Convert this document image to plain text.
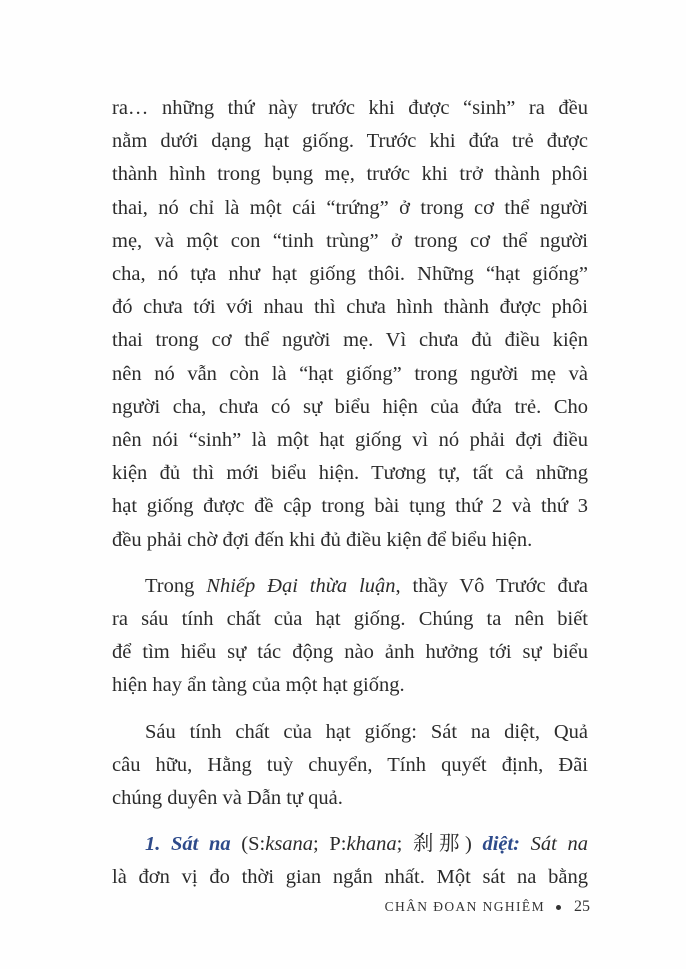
ra… những thứ này trước khi được “sinh” ra đều
nằm dưới dạng hạt giống. Trước khi đứa trẻ được
thành hình trong bụng mẹ, trước khi trở thành phôi
thai, nó chỉ là một cái “trứng” ở trong cơ thể người
mẹ, và một con “tinh trùng” ở trong cơ thể người
cha, nó tựa như hạt giống thôi. Những “hạt giống”
đó chưa tới với nhau thì chưa hình thành được phôi
thai trong cơ thể người mẹ. Vì chưa đủ điều kiện
nên nó vẫn còn là “hạt giống” trong người mẹ và
người cha, chưa có sự biểu hiện của đứa trẻ. Cho
nên nói “sinh” là một hạt giống vì nó phải đợi điều
kiện đủ thì mới biểu hiện. Tương tự, tất cả những
hạt giống được đề cập trong bài tụng thứ 2 và thứ 3
đều phải chờ đợi đến khi đủ điều kiện để biểu hiện.
Trong Nhiếp Đại thừa luận, thầy Vô Trước đưa
ra sáu tính chất của hạt giống. Chúng ta nên biết
để tìm hiểu sự tác động nào ảnh hưởng tới sự biểu
hiện hay ẩn tàng của một hạt giống.
Sáu tính chất của hạt giống: Sát na diệt, Quả
câu hữu, Hằng tuỳ chuyển, Tính quyết định, Đãi
chúng duyên và Dẫn tự quả.
1. Sát na (S:ksana; P:khana; 刹那) diệt: Sát na
là đơn vị đo thời gian ngắn nhất. Một sát na bằng
CHÂN ĐOAN NGHIÊM 25
